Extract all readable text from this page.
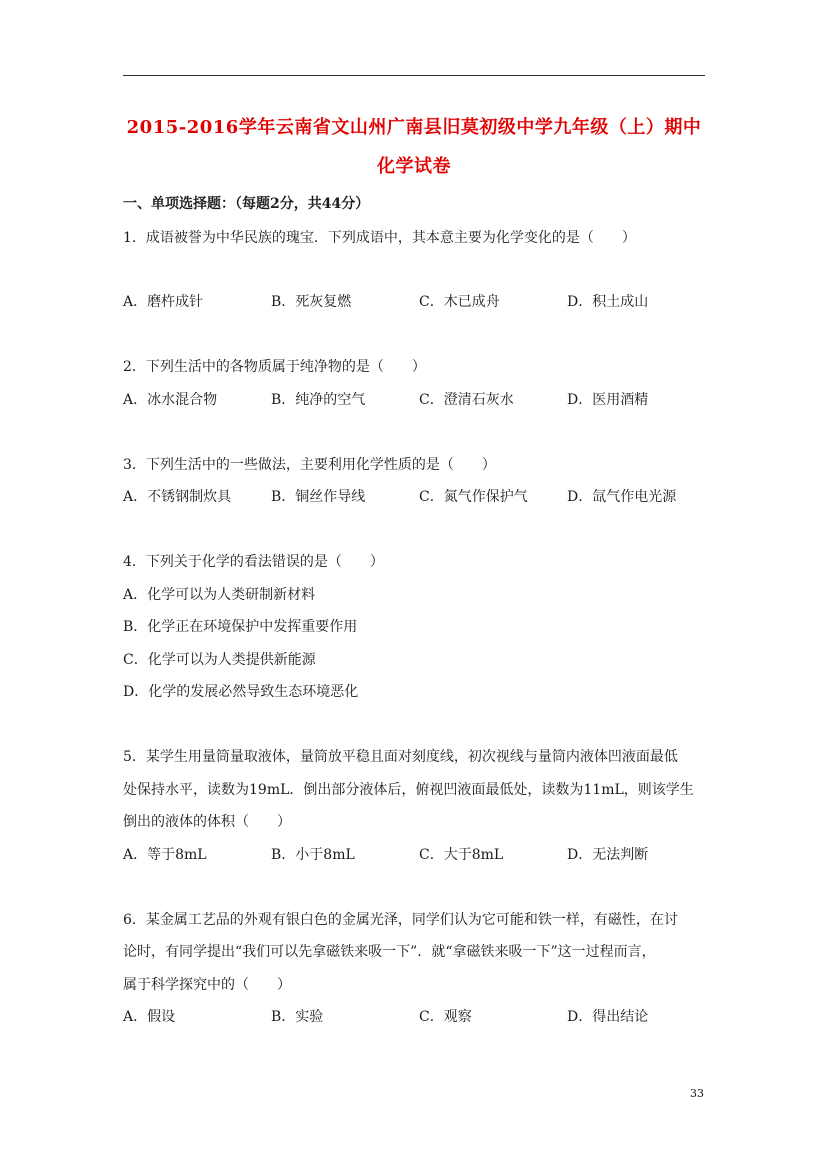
2015-2016学年云南省文山州广南县旧莫初级中学九年级（上）期中
化学试卷
一、单项选择题：（每题2分，共44分）
1．成语被誉为中华民族的瑰宝．下列成语中，其本意主要为化学变化的是（　　）
A．磨杵成针	B．死灰复燃	C．木已成舟	D．积土成山
2．下列生活中的各物质属于纯净物的是（　　）
A．冰水混合物	B．纯净的空气	C．澄清石灰水	D．医用酒精
3．下列生活中的一些做法，主要利用化学性质的是（　　）
A．不锈钢制炊具	B．铜丝作导线	C．氮气作保护气	D．氙气作电光源
4．下列关于化学的看法错误的是（　　）
A．化学可以为人类研制新材料
B．化学正在环境保护中发挥重要作用
C．化学可以为人类提供新能源
D．化学的发展必然导致生态环境恶化
5．某学生用量筒量取液体，量筒放平稳且面对刻度线，初次视线与量筒内液体凹液面最低
处保持水平，读数为19mL．倒出部分液体后，俯视凹液面最低处，读数为11mL，则该学生
倒出的液体的体积（　　）
A．等于8mL	B．小于8mL	C．大于8mL	D．无法判断
6．某金属工艺品的外观有银白色的金属光泽，同学们认为它可能和铁一样，有磁性，在讨
论时，有同学提出“我们可以先拿磁铁来吸一下”．就“拿磁铁来吸一下”这一过程而言，
属于科学探究中的（　　）
A．假设	B．实验	C．观察	D．得出结论
33
